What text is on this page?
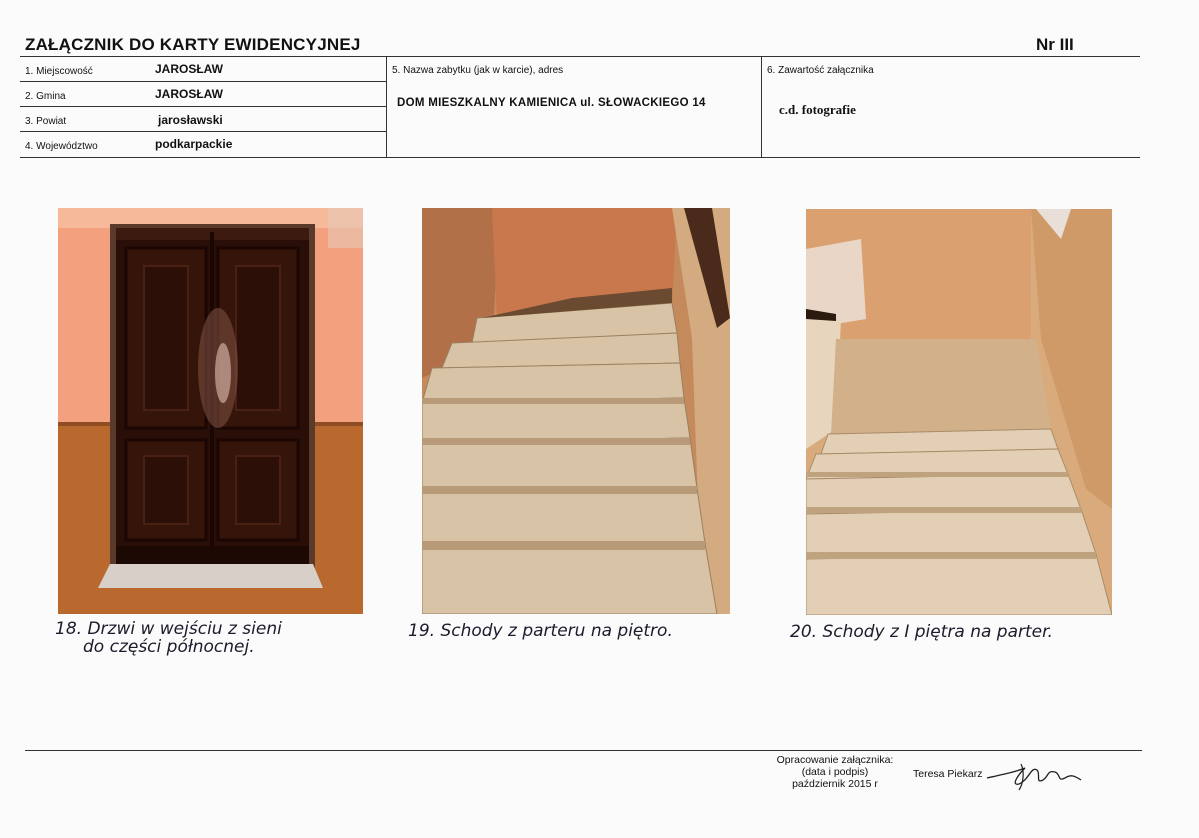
ZAŁĄCZNIK DO KARTY EWIDENCYJNEJ	Nr III
1. Miejscowość	JAROSŁAW
2. Gmina	JAROSŁAW
3. Powiat	jarosławski
4. Województwo	podkarpackie
5. Nazwa zabytku (jak w karcie), adres
DOM MIESZKALNY KAMIENICA ul. SŁOWACKIEGO 14
6. Zawartość załącznika
c.d. fotografie
18. Drzwi w wejściu z sieni
do części północnej.
19. Schody z parteru na piętro.	20. Schody z I piętra na parter.
Opracowanie załącznika:
(data i podpis)
październik 2015 r
Teresa Piekarz
